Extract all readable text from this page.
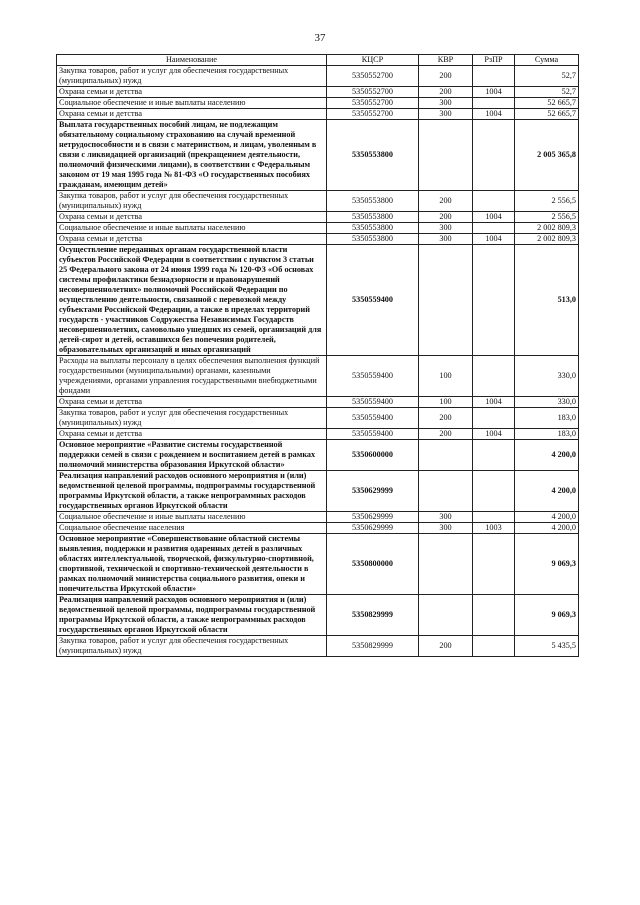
37
Наименование	КЦСР	КВР	РзПР	Сумма
Закупка товаров, работ и услуг для обеспечения государственных (муниципальных) нужд	5350552700	200		52,7
Охрана семьи и детства	5350552700	200	1004	52,7
Социальное обеспечение и иные выплаты населению	5350552700	300		52 665,7
Охрана семьи и детства	5350552700	300	1004	52 665,7
Выплата государственных пособий лицам, не подлежащим обязательному социальному страхованию на случай временной нетрудоспособности и в связи с материнством, и лицам, уволенным в связи с ликвидацией организаций (прекращением деятельности, полномочий физическими лицами), в соответствии с Федеральным законом от 19 мая 1995 года № 81-ФЗ «О государственных пособиях гражданам, имеющим детей»	5350553800			2 005 365,8
Закупка товаров, работ и услуг для обеспечения государственных (муниципальных) нужд	5350553800	200		2 556,5
Охрана семьи и детства	5350553800	200	1004	2 556,5
Социальное обеспечение и иные выплаты населению	5350553800	300		2 002 809,3
Охрана семьи и детства	5350553800	300	1004	2 002 809,3
Осуществление переданных органам государственной власти субъектов Российской Федерации в соответствии с пунктом 3 статьи 25 Федерального закона от 24 июня 1999 года № 120-ФЗ «Об основах системы профилактики безнадзорности и правонарушений несовершеннолетних» полномочий Российской Федерации по осуществлению деятельности, связанной с перевозкой между субъектами Российской Федерации, а также в пределах территорий государств - участников Содружества Независимых Государств несовершеннолетних, самовольно ушедших из семей, организаций для детей-сирот и детей, оставшихся без попечения родителей, образовательных организаций и иных организаций	5350559400			513,0
Расходы на выплаты персоналу в целях обеспечения выполнения функций государственными (муниципальными) органами, казенными учреждениями, органами управления государственными внебюджетными фондами	5350559400	100		330,0
Охрана семьи и детства	5350559400	100	1004	330,0
Закупка товаров, работ и услуг для обеспечения государственных (муниципальных) нужд	5350559400	200		183,0
Охрана семьи и детства	5350559400	200	1004	183,0
Основное мероприятие «Развитие системы государственной поддержки семей в связи с рождением и воспитанием детей в рамках полномочий министерства образования Иркутской области»	5350600000			4 200,0
Реализация направлений расходов основного мероприятия и (или) ведомственной целевой программы, подпрограммы государственной программы Иркутской области, а также непрограммных расходов государственных органов Иркутской области	5350629999			4 200,0
Социальное обеспечение и иные выплаты населению	5350629999	300		4 200,0
Социальное обеспечение населения	5350629999	300	1003	4 200,0
Основное мероприятие «Совершенствование областной системы выявления, поддержки и развития одаренных детей в различных областях интеллектуальной, творческой, физкультурно-спортивной, спортивной, технической и спортивно-технической деятельности в рамках полномочий министерства социального развития, опеки и попечительства Иркутской области»	5350800000			9 069,3
Реализация направлений расходов основного мероприятия и (или) ведомственной целевой программы, подпрограммы государственной программы Иркутской области, а также непрограммных расходов государственных органов Иркутской области	5350829999			9 069,3
Закупка товаров, работ и услуг для обеспечения государственных (муниципальных) нужд	5350829999	200		5 435,5
